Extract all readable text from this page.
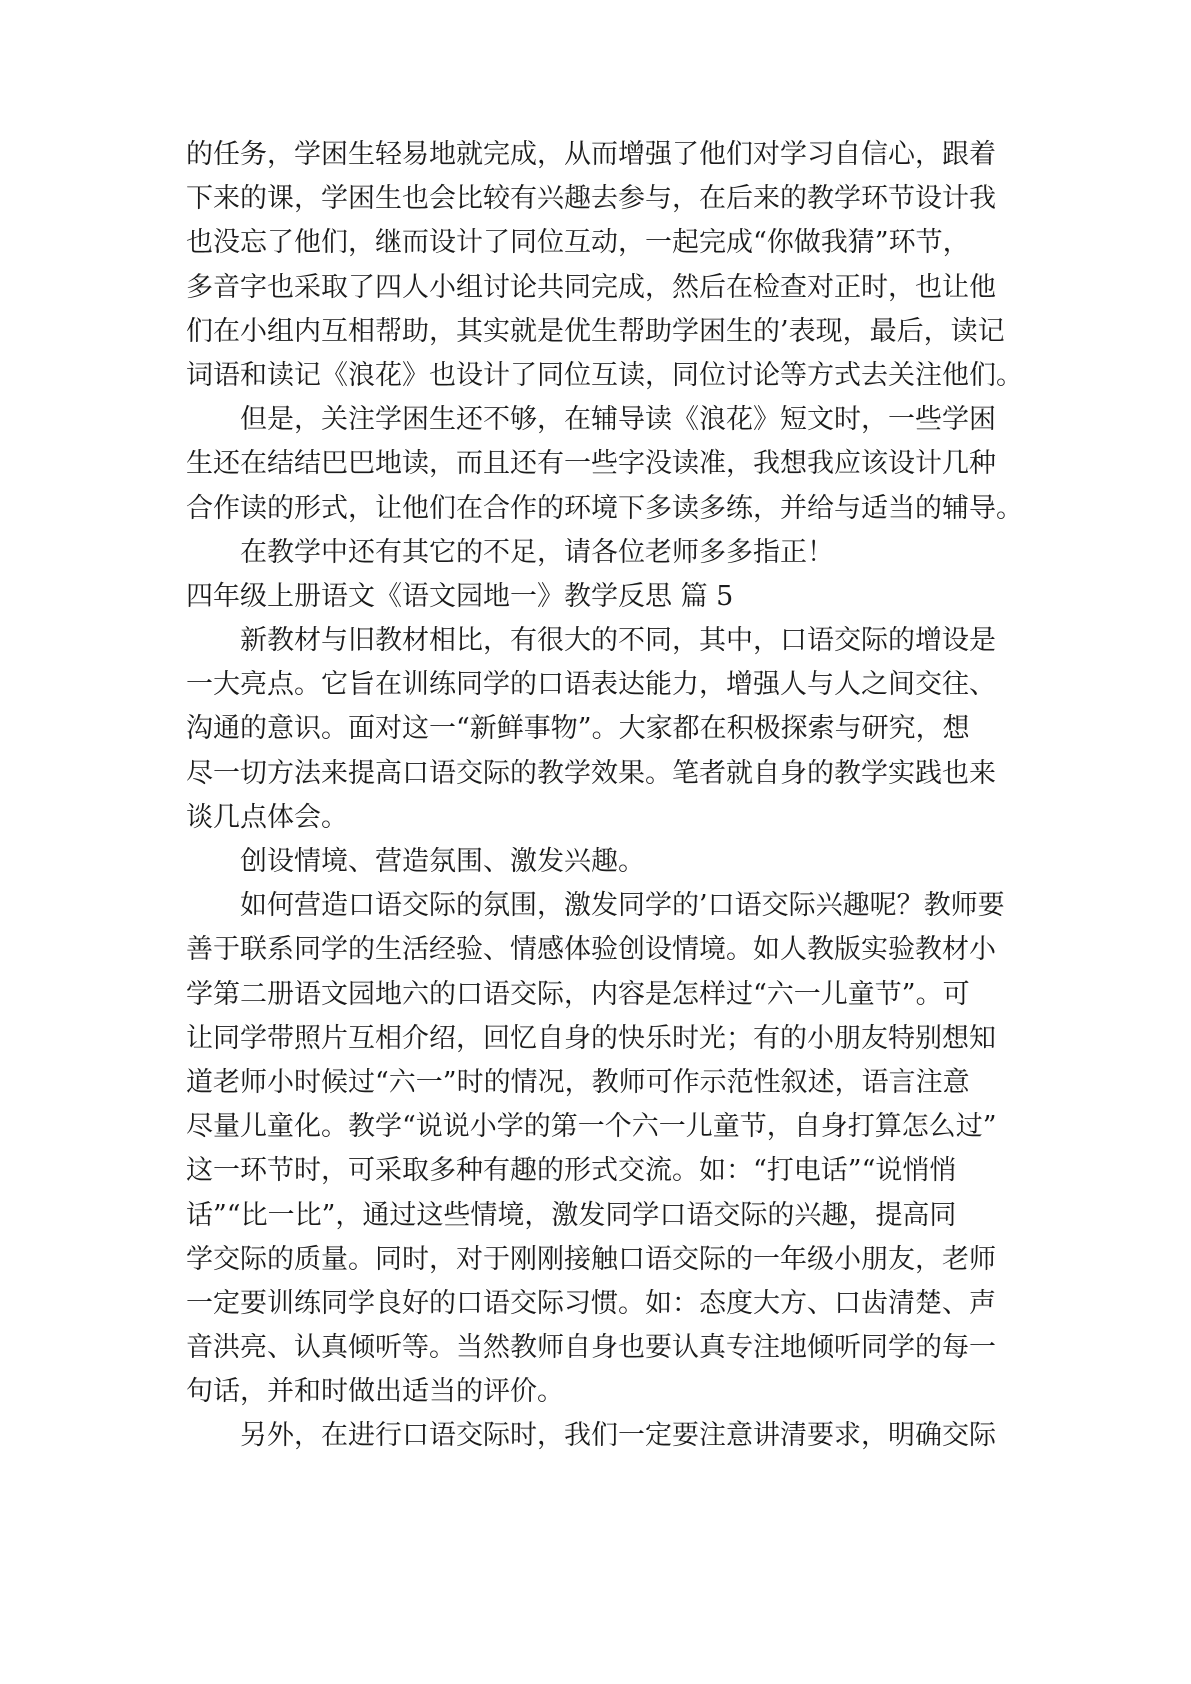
的任务，学困生轻易地就完成，从而增强了他们对学习自信心，跟着
下来的课，学困生也会比较有兴趣去参与，在后来的教学环节设计我
也没忘了他们，继而设计了同位互动，一起完成“你做我猜”环节，
多音字也采取了四人小组讨论共同完成，然后在检查对正时，也让他
们在小组内互相帮助，其实就是优生帮助学困生的’表现，最后，读记
词语和读记《浪花》也设计了同位互读，同位讨论等方式去关注他们。
但是，关注学困生还不够，在辅导读《浪花》短文时，一些学困
生还在结结巴巴地读，而且还有一些字没读准，我想我应该设计几种
合作读的形式，让他们在合作的环境下多读多练，并给与适当的辅导。
在教学中还有其它的不足，请各位老师多多指正！
四年级上册语文《语文园地一》教学反思 篇 5
新教材与旧教材相比，有很大的不同，其中，口语交际的增设是
一大亮点。它旨在训练同学的口语表达能力，增强人与人之间交往、
沟通的意识。面对这一“新鲜事物”。大家都在积极探索与研究，想
尽一切方法来提高口语交际的教学效果。笔者就自身的教学实践也来
谈几点体会。
创设情境、营造氛围、激发兴趣。
如何营造口语交际的氛围，激发同学的’口语交际兴趣呢？教师要
善于联系同学的生活经验、情感体验创设情境。如人教版实验教材小
学第二册语文园地六的口语交际，内容是怎样过“六一儿童节”。可
让同学带照片互相介绍，回忆自身的快乐时光；有的小朋友特别想知
道老师小时候过“六一”时的情况，教师可作示范性叙述，语言注意
尽量儿童化。教学“说说小学的第一个六一儿童节，自身打算怎么过”
这一环节时，可采取多种有趣的形式交流。如：“打电话”“说悄悄
话”“比一比”，通过这些情境，激发同学口语交际的兴趣，提高同
学交际的质量。同时，对于刚刚接触口语交际的一年级小朋友，老师
一定要训练同学良好的口语交际习惯。如：态度大方、口齿清楚、声
音洪亮、认真倾听等。当然教师自身也要认真专注地倾听同学的每一
句话，并和时做出适当的评价。
另外，在进行口语交际时，我们一定要注意讲清要求，明确交际
